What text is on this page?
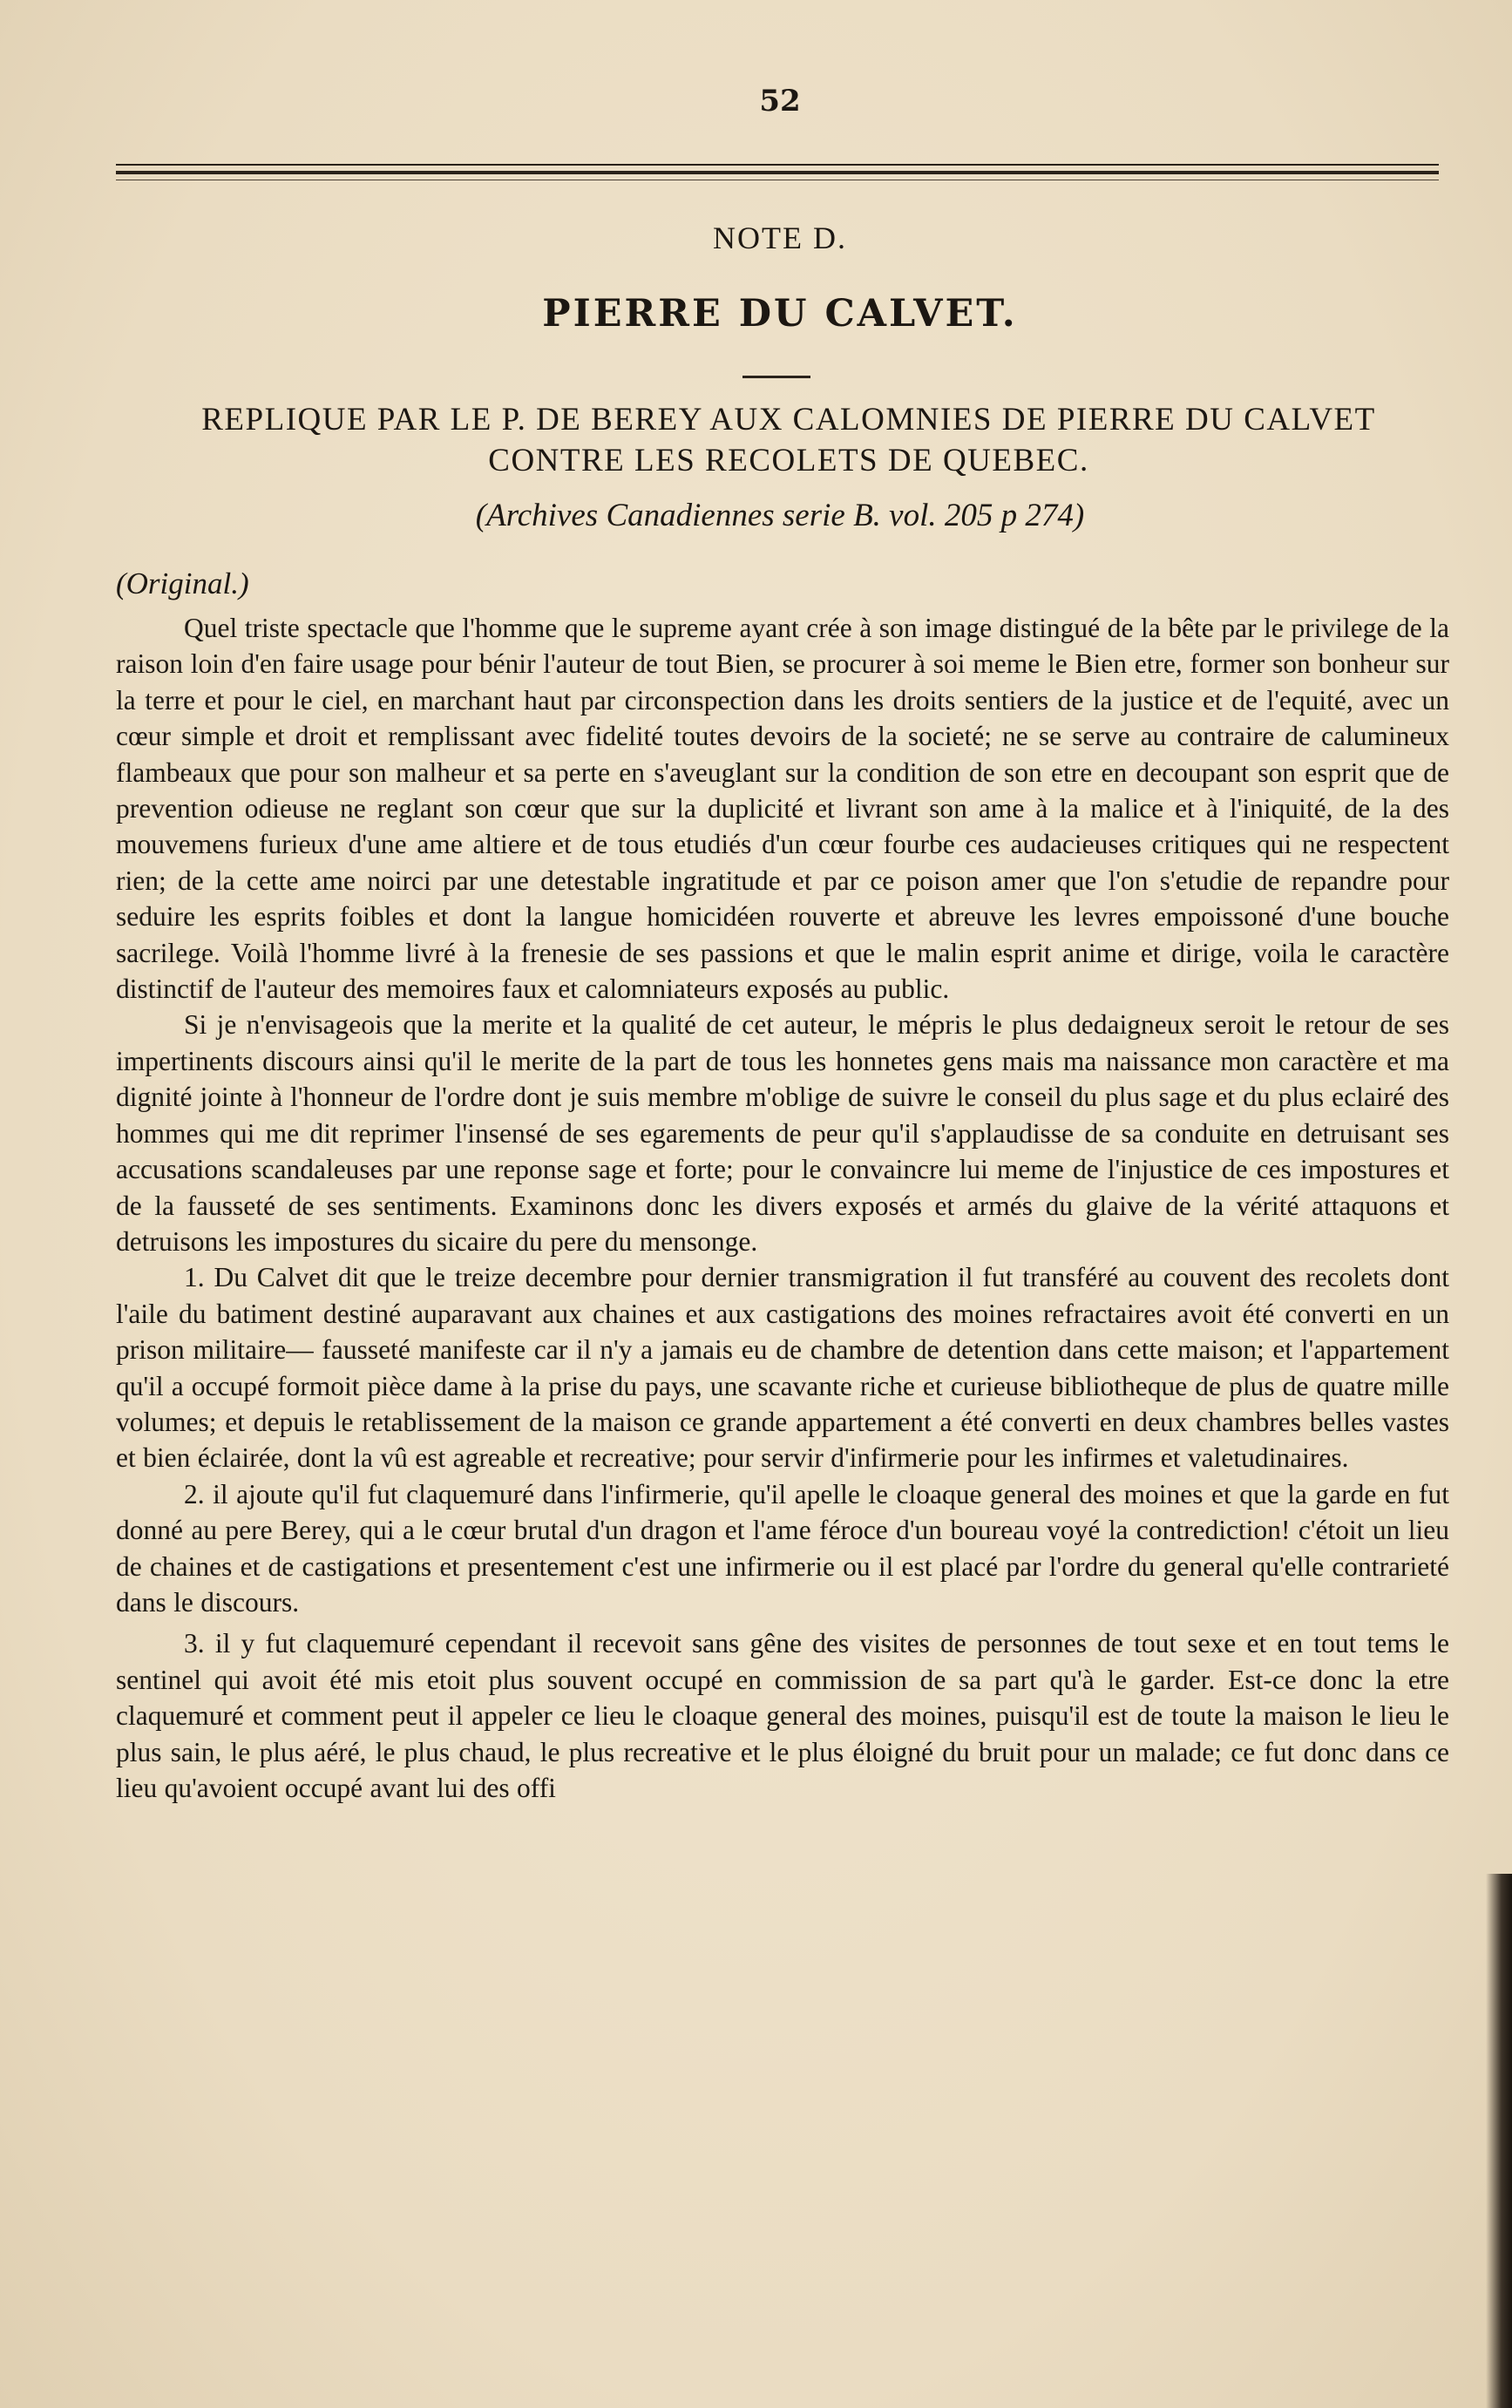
52
NOTE D.
PIERRE DU CALVET.
REPLIQUE PAR LE P. DE BEREY AUX CALOMNIES DE PIERRE DU CALVET CONTRE LES RECOLETS DE QUEBEC.
(Archives Canadiennes serie B. vol. 205 p 274)
(Original.)

Quel triste spectacle que l'homme que le supreme ayant crée à son image distingué de la bête par le privilege de la raison loin d'en faire usage pour bénir l'auteur de tout Bien, se procurer à soi meme le Bien etre, former son bonheur sur la terre et pour le ciel, en marchant haut par circonspection dans les droits sentiers de la justice et de l'equité, avec un cœur simple et droit et remplissant avec fidelité toutes devoirs de la societé; ne se serve au contraire de calumineux flambeaux que pour son malheur et sa perte en s'aveuglant sur la condition de son etre en decoupant son esprit que de prevention odieuse ne reglant son cœur que sur la duplicité et livrant son ame à la malice et à l'iniquité, de la des mouvemens furieux d'une ame altiere et de tous etudiés d'un cœur fourbe ces audacieuses critiques qui ne respectent rien; de la cette ame noirci par une detestable ingratitude et par ce poison amer que l'on s'etudie de repandre pour seduire les esprits foibles et dont la langue homicidéen rouverte et abreuve les levres empoissoné d'une bouche sacrilege. Voilà l'homme livré à la frenesie de ses passions et que le malin esprit anime et dirige, voila le caractère distinctif de l'auteur des memoires faux et calomniateurs exposés au public.

Si je n'envisageois que la merite et la qualité de cet auteur, le mépris le plus dedaigneux seroit le retour de ses impertinents discours ainsi qu'il le merite de la part de tous les honnetes gens mais ma naissance mon caractère et ma dignité jointe à l'honneur de l'ordre dont je suis membre m'oblige de suivre le conseil du plus sage et du plus eclairé des hommes qui me dit reprimer l'insensé de ses egarements de peur qu'il s'applaudisse de sa conduite en detruisant ses accusations scandaleuses par une reponse sage et forte; pour le convaincre lui meme de l'injustice de ces impostures et de la fausseté de ses sentiments. Examinons donc les divers exposés et armés du glaive de la vérité attaquons et detruisons les impostures du sicaire du pere du mensonge.

1. Du Calvet dit que le treize decembre pour dernier transmigration il fut transféré au couvent des recolets dont l'aile du batiment destiné auparavant aux chaines et aux castigations des moines refractaires avoit été converti en un prison militaire— fausseté manifeste car il n'y a jamais eu de chambre de detention dans cette maison; et l'appartement qu'il a occupé formoit pièce dame à la prise du pays, une scavante riche et curieuse bibliotheque de plus de quatre mille volumes; et depuis le retablissement de la maison ce grande appartement a été converti en deux chambres belles vastes et bien éclairée, dont la vû est agreable et recreative; pour servir d'infirmerie pour les infirmes et valetudinaires.

2. il ajoute qu'il fut claquemuré dans l'infirmerie, qu'il apelle le cloaque general des moines et que la garde en fut donné au pere Berey, qui a le cœur brutal d'un dragon et l'ame féroce d'un boureau voyé la contrediction! c'étoit un lieu de chaines et de castigations et presentement c'est une infirmerie ou il est placé par l'ordre du general qu'elle contrarieté dans le discours.

3. il y fut claquemuré cependant il recevoit sans gêne des visites de personnes de tout sexe et en tout tems le sentinel qui avoit été mis etoit plus souvent occupé en commission de sa part qu'à le garder. Est-ce donc la etre claquemuré et comment peut il appeler ce lieu le cloaque general des moines, puisqu'il est de toute la maison le lieu le plus sain, le plus aéré, le plus chaud, le plus recreative et le plus éloigné du bruit pour un malade; ce fut donc dans ce lieu qu'avoient occupé avant lui des offi
